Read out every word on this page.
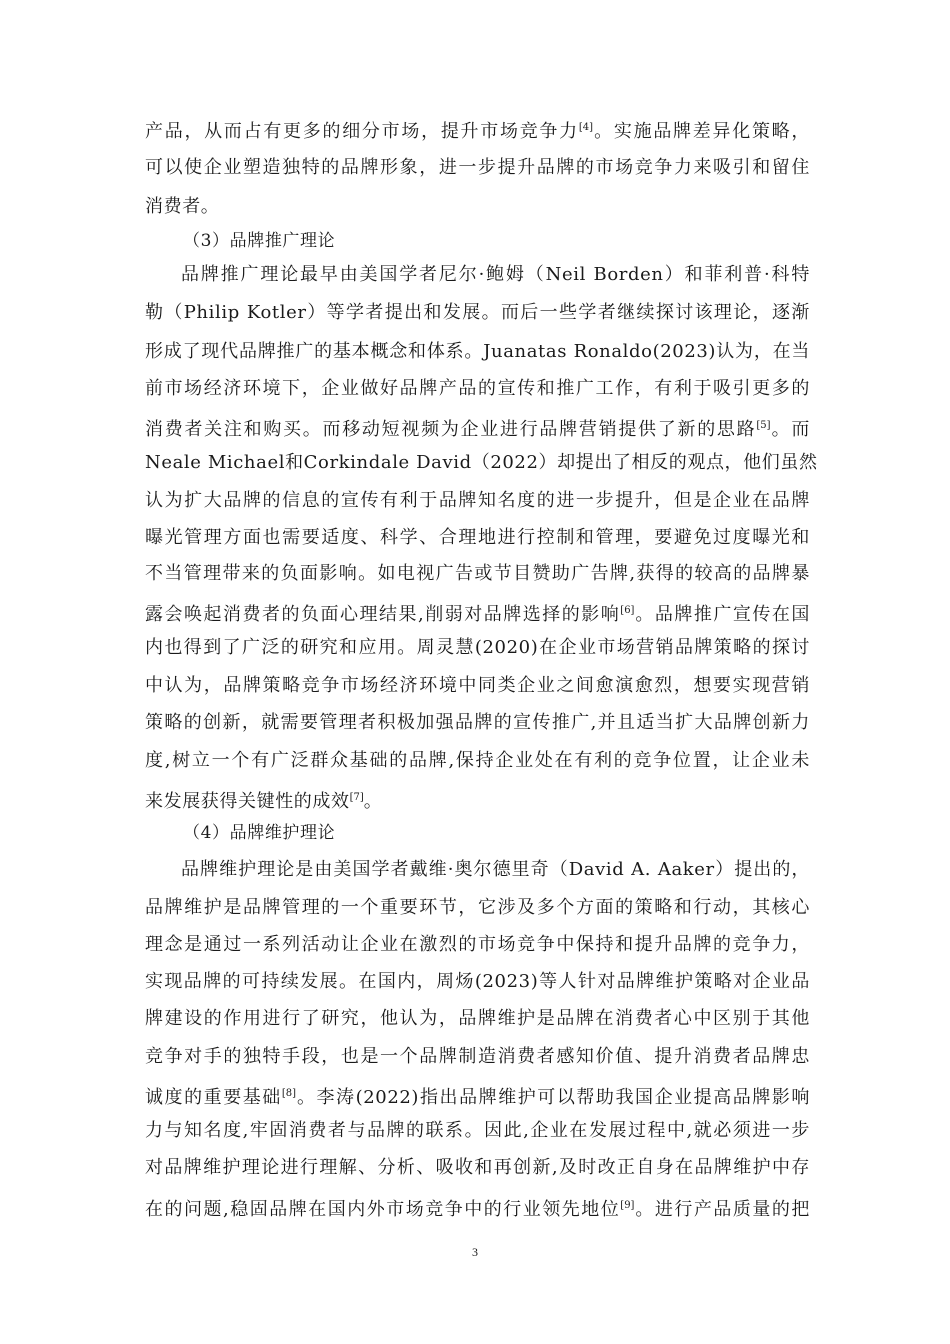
产品，从而占有更多的细分市场，提升市场竞争力[4]。实施品牌差异化策略，
可以使企业塑造独特的品牌形象，进一步提升品牌的市场竞争力来吸引和留住
消费者。
（3）品牌推广理论
品牌推广理论最早由美国学者尼尔·鲍姆（Neil Borden）和菲利普·科特
勒（Philip Kotler）等学者提出和发展。而后一些学者继续探讨该理论，逐渐
形成了现代品牌推广的基本概念和体系。Juanatas Ronaldo(2023)认为，在当
前市场经济环境下，企业做好品牌产品的宣传和推广工作，有利于吸引更多的
消费者关注和购买。而移动短视频为企业进行品牌营销提供了新的思路[5]。而
Neale Michael和Corkindale David（2022）却提出了相反的观点，他们虽然
认为扩大品牌的信息的宣传有利于品牌知名度的进一步提升，但是企业在品牌
曝光管理方面也需要适度、科学、合理地进行控制和管理，要避免过度曝光和
不当管理带来的负面影响。如电视广告或节目赞助广告牌,获得的较高的品牌暴
露会唤起消费者的负面心理结果,削弱对品牌选择的影响[6]。品牌推广宣传在国
内也得到了广泛的研究和应用。周灵慧(2020)在企业市场营销品牌策略的探讨
中认为，品牌策略竞争市场经济环境中同类企业之间愈演愈烈，想要实现营销
策略的创新，就需要管理者积极加强品牌的宣传推广,并且适当扩大品牌创新力
度,树立一个有广泛群众基础的品牌,保持企业处在有利的竞争位置，让企业未
来发展获得关键性的成效[7]。
（4）品牌维护理论
品牌维护理论是由美国学者戴维·奥尔德里奇（David A. Aaker）提出的，
品牌维护是品牌管理的一个重要环节，它涉及多个方面的策略和行动，其核心
理念是通过一系列活动让企业在激烈的市场竞争中保持和提升品牌的竞争力，
实现品牌的可持续发展。在国内，周炀(2023)等人针对品牌维护策略对企业品
牌建设的作用进行了研究，他认为，品牌维护是品牌在消费者心中区别于其他
竞争对手的独特手段，也是一个品牌制造消费者感知价值、提升消费者品牌忠
诚度的重要基础[8]。李涛(2022)指出品牌维护可以帮助我国企业提高品牌影响
力与知名度,牢固消费者与品牌的联系。因此,企业在发展过程中,就必须进一步
对品牌维护理论进行理解、分析、吸收和再创新,及时改正自身在品牌维护中存
在的问题,稳固品牌在国内外市场竞争中的行业领先地位[9]。进行产品质量的把
3
